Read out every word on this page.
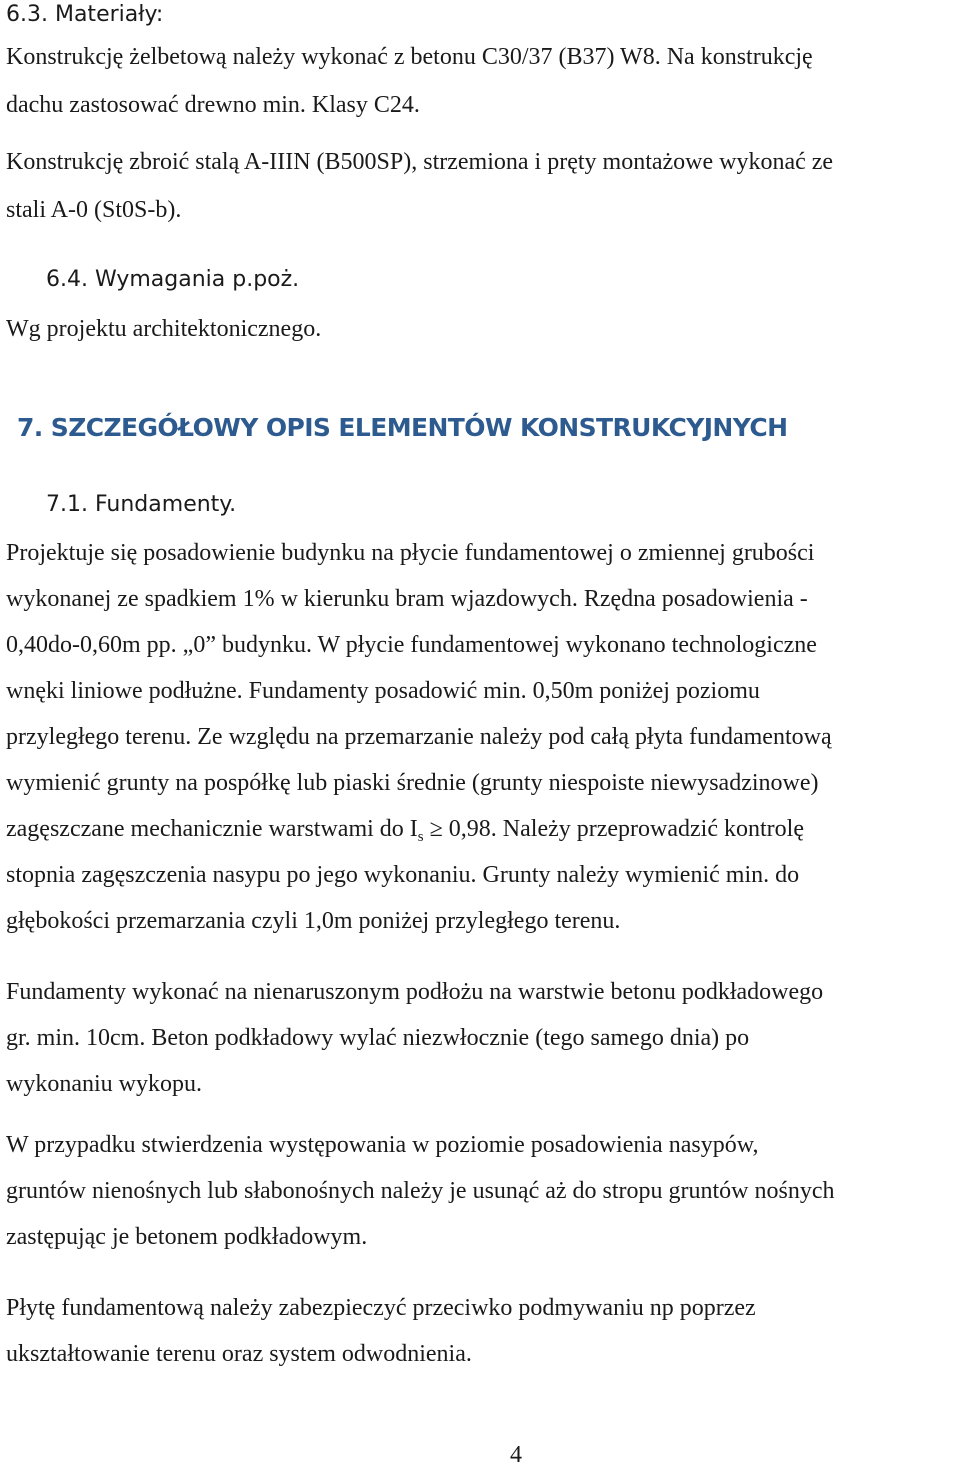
6.3. Materiały:
Konstrukcję żelbetową należy wykonać z betonu C30/37 (B37) W8. Na konstrukcję
dachu zastosować drewno min. Klasy C24.
Konstrukcję zbroić stalą A-IIIN (B500SP), strzemiona i pręty montażowe wykonać ze
stali A-0 (St0S-b).
6.4. Wymagania p.poż.
Wg projektu architektonicznego.
7. SZCZEGÓŁOWY OPIS ELEMENTÓW KONSTRUKCYJNYCH
7.1. Fundamenty.
Projektuje się posadowienie budynku na płycie fundamentowej o zmiennej grubości
wykonanej ze spadkiem 1% w kierunku bram wjazdowych. Rzędna posadowienia -
0,40do-0,60m pp. „0” budynku. W płycie fundamentowej wykonano technologiczne
wnęki liniowe podłużne. Fundamenty posadowić min. 0,50m poniżej poziomu
przyległego terenu. Ze względu na przemarzanie należy pod całą płyta fundamentową
wymienić grunty na pospółkę lub piaski średnie (grunty niespoiste niewysadzinowe)
zagęszczane mechanicznie warstwami do $I_s \ge 0,98$. Należy przeprowadzić kontrolę
stopnia zagęszczenia nasypu po jego wykonaniu. Grunty należy wymienić min. do
głębokości przemarzania czyli 1,0m poniżej przyległego terenu.
Fundamenty wykonać na nienaruszonym podłożu na warstwie betonu podkładowego
gr. min. 10cm. Beton podkładowy wylać niezwłocznie (tego samego dnia) po
wykonaniu wykopu.
W przypadku stwierdzenia występowania w poziomie posadowienia nasypów,
gruntów nienośnych lub słabonośnych należy je usunąć aż do stropu gruntów nośnych
zastępując je betonem podkładowym.
Płytę fundamentową należy zabezpieczyć przeciwko podmywaniu np poprzez
ukształtowanie terenu oraz system odwodnienia.
4
